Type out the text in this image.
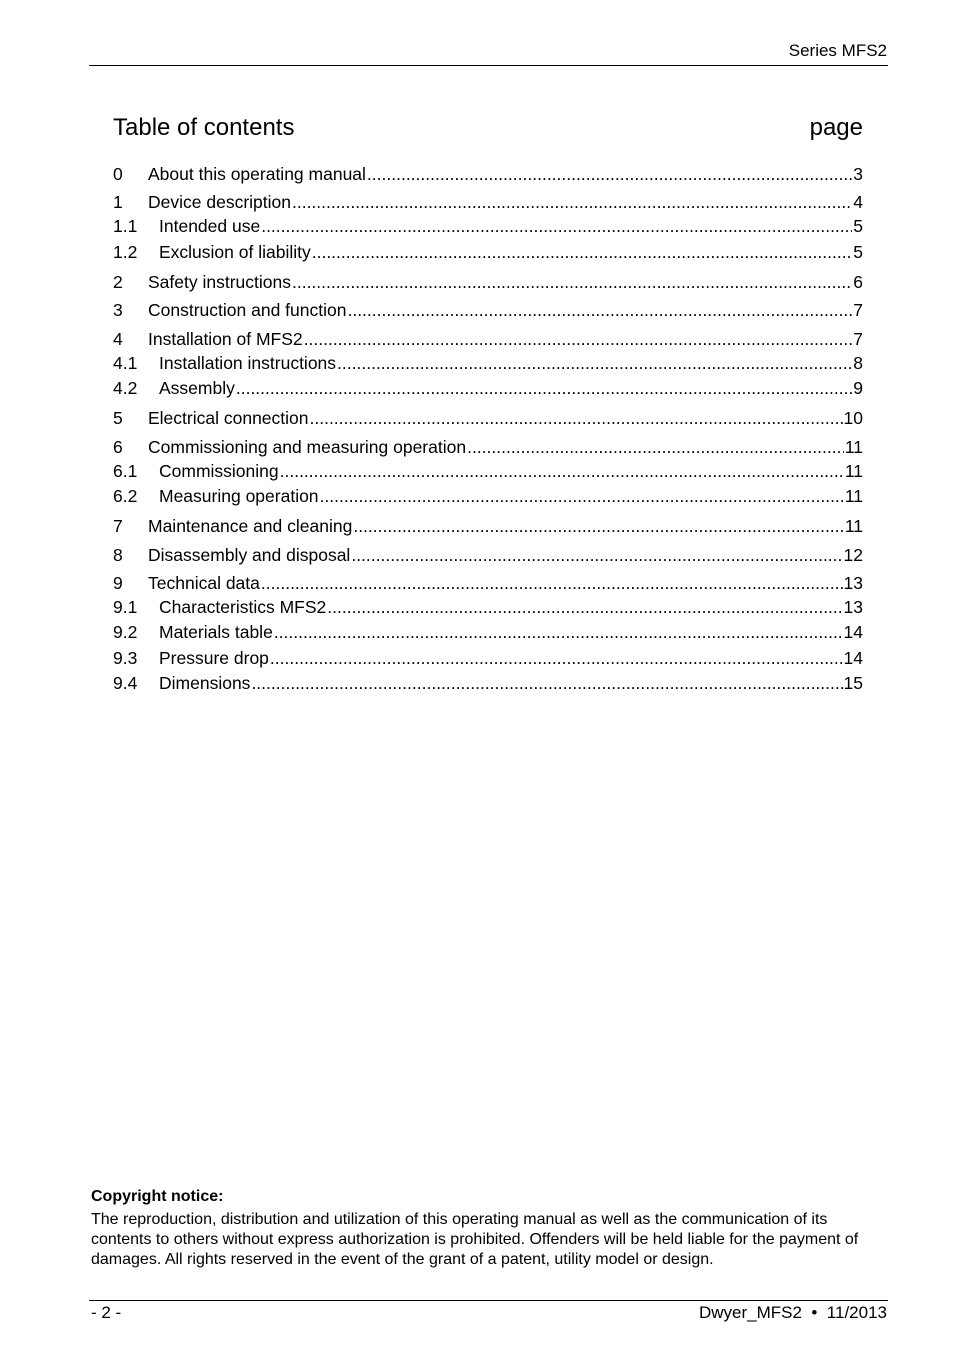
Series MFS2
Table of contents	page
0	About this operating manual .....	3
1	Device description .....	4
1.1	Intended use .....	5
1.2	Exclusion of liability .....	5
2	Safety instructions .....	6
3	Construction and function .....	7
4	Installation of MFS2 .....	7
4.1	Installation instructions .....	8
4.2	Assembly .....	9
5	Electrical connection .....	10
6	Commissioning and measuring operation .....	11
6.1	Commissioning .....	11
6.2	Measuring operation .....	11
7	Maintenance and cleaning .....	11
8	Disassembly and disposal .....	12
9	Technical data .....	13
9.1	Characteristics MFS2 .....	13
9.2	Materials table .....	14
9.3	Pressure drop .....	14
9.4	Dimensions .....	15
Copyright notice:
The reproduction, distribution and utilization of this operating manual as well as the communication of its contents to others without express authorization is prohibited. Offenders will be held liable for the payment of damages. All rights reserved in the event of the grant of a patent, utility model or design.
- 2 -	Dwyer_MFS2  •  11/2013
